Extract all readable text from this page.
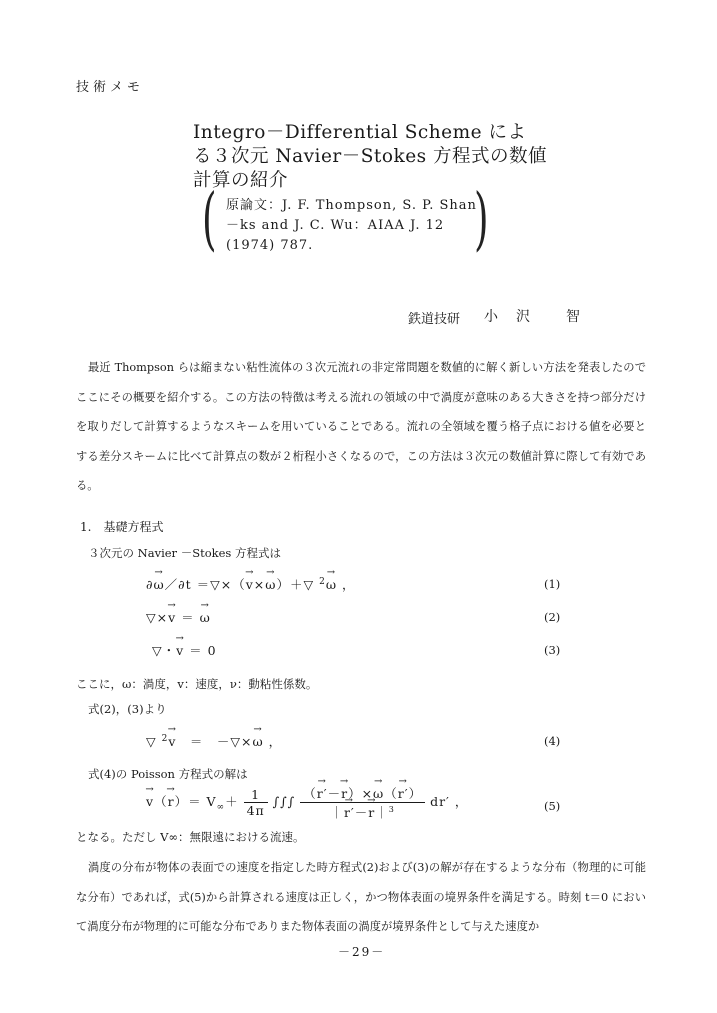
技術メモ
Integro－Differential Scheme によ
る３次元 Navier－Stokes 方程式の数値
計算の紹介
(	)
原論文：J. F. Thompson, S. P. Shan
－ks and J. C. Wu：AIAA J. 12
(1974) 787.
鉄道技研 小沢 智
最近 Thompson らは縮まない粘性流体の３次元流れの非定常問題を数値的に解く新しい方法を発表したのでここにその概要を紹介する。この方法の特徴は考える流れの領域の中で渦度が意味のある大きさを持つ部分だけを取りだして計算するようなスキームを用いていることである。流れの全領域を覆う格子点における値を必要とする差分スキームに比べて計算点の数が２桁程小さくなるので，この方法は３次元の数値計算に際して有効である。
1.　基礎方程式
３次元の Navier －Stokes 方程式は
∂→ ω／∂t ＝▽×（→ v×→ ω）＋▽ $^2$→ ω ，	(1)
▽×→ v ＝ → ω	(2)
▽・→ v ＝ 0	(3)
ここに，ω：渦度，v：速度，ν：動粘性係数。
式(2)，(3)より
▽ $^2$→ v　＝　－▽×→ ω ，	(4)
式(4)の Poisson 方程式の解は
→ $v(\to r)= V_\infty+ \frac{1}{4\pi}$ ∫∫∫ $\frac{(\to r'-\to r)\times\to \omega(\to r')}{|\to r'-\to r|^3} dr'$ ，	(5)
となる。ただし V∞：無限遠における流速。
渦度の分布が物体の表面での速度を指定した時方程式(2)および(3)の解が存在するような分布（物理的に可能な分布）であれば，式(5)から計算される速度は正しく，かつ物体表面の境界条件を満足する。時刻 t＝0 において渦度分布が物理的に可能な分布でありまた物体表面の渦度が境界条件として与えた速度か
－29－
